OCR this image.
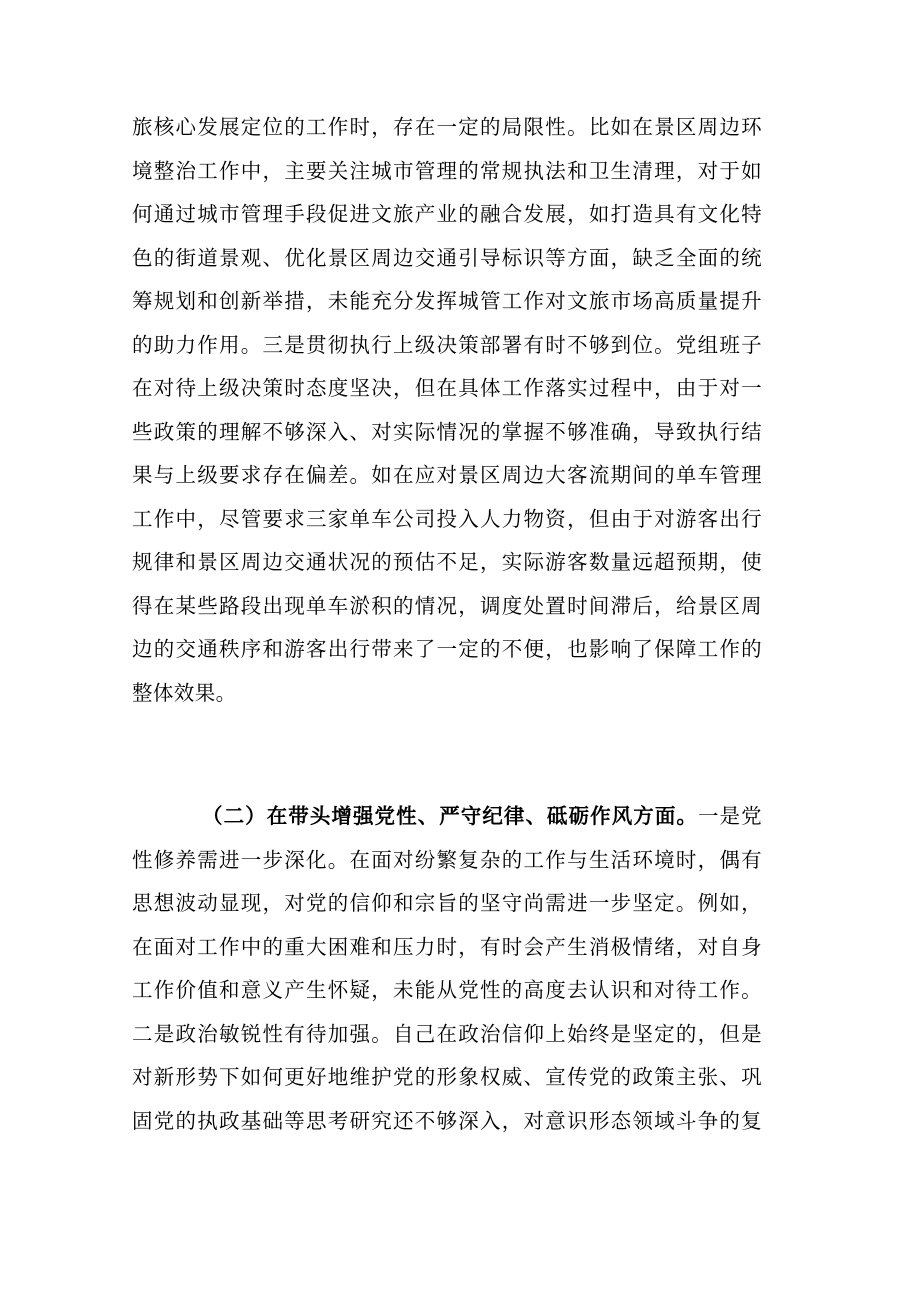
旅核心发展定位的工作时，存在一定的局限性。比如在景区周边环
境整治工作中，主要关注城市管理的常规执法和卫生清理，对于如
何通过城市管理手段促进文旅产业的融合发展，如打造具有文化特
色的街道景观、优化景区周边交通引导标识等方面，缺乏全面的统
筹规划和创新举措，未能充分发挥城管工作对文旅市场高质量提升
的助力作用。三是贯彻执行上级决策部署有时不够到位。党组班子
在对待上级决策时态度坚决，但在具体工作落实过程中，由于对一
些政策的理解不够深入、对实际情况的掌握不够准确，导致执行结
果与上级要求存在偏差。如在应对景区周边大客流期间的单车管理
工作中，尽管要求三家单车公司投入人力物资，但由于对游客出行
规律和景区周边交通状况的预估不足，实际游客数量远超预期，使
得在某些路段出现单车淤积的情况，调度处置时间滞后，给景区周
边的交通秩序和游客出行带来了一定的不便，也影响了保障工作的
整体效果。
（二）在带头增强党性、严守纪律、砥砺作风方面。一是党
性修养需进一步深化。在面对纷繁复杂的工作与生活环境时，偶有
思想波动显现，对党的信仰和宗旨的坚守尚需进一步坚定。例如，
在面对工作中的重大困难和压力时，有时会产生消极情绪，对自身
工作价值和意义产生怀疑，未能从党性的高度去认识和对待工作。
二是政治敏锐性有待加强。自己在政治信仰上始终是坚定的，但是
对新形势下如何更好地维护党的形象权威、宣传党的政策主张、巩
固党的执政基础等思考研究还不够深入，对意识形态领域斗争的复
